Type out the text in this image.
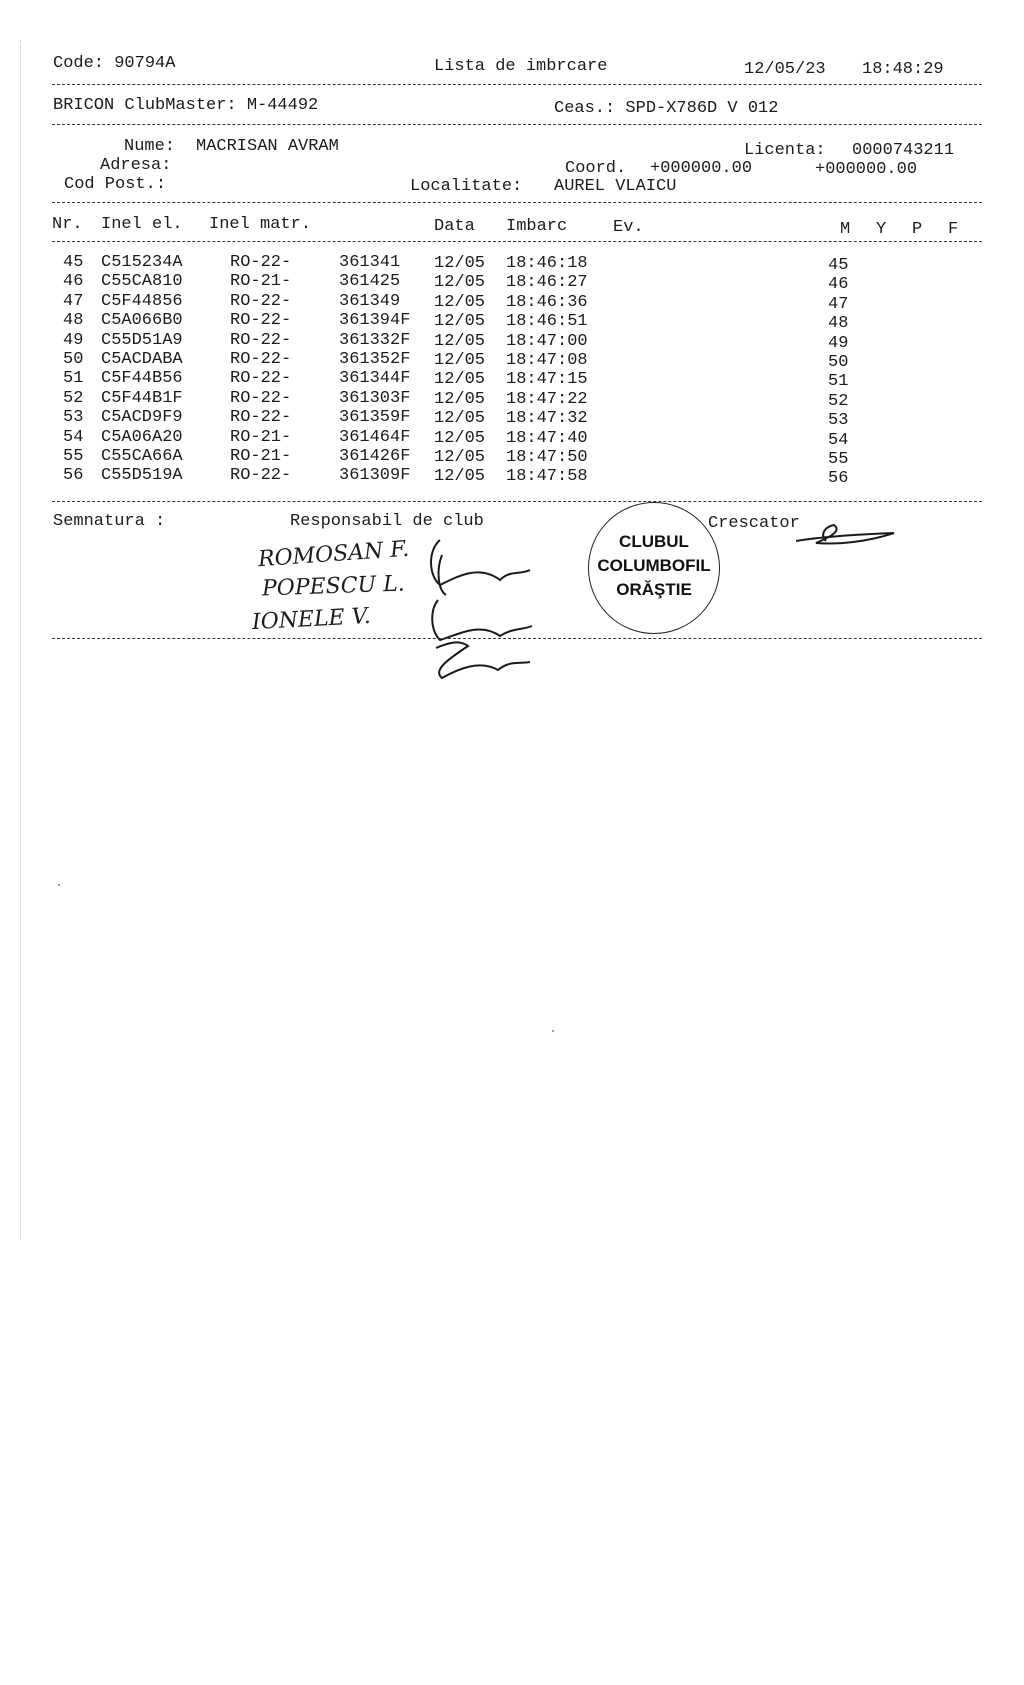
Code: 90794A	Lista de imbrcare	12/05/23 18:48:29
BRICON ClubMaster: M-44492	Ceas.: SPD-X786D V 012
Nume: MACRISAN AVRAM	Licenta: 0000743211
Adresa:	Coord. +000000.00	+000000.00
Cod Post.:	Localitate: AUREL VLAICU
Nr. Inel el. Inel matr.	Data Imbarc	Ev.	M Y P F
45 C515234A	RO-22-	361341 12/05 18:46:18	45
46 C55CA810	RO-21-	361425 12/05 18:46:27	46
47 C5F44856	RO-22-	361349 12/05 18:46:36	47
48 C5A066B0	RO-22-	361394F 12/05 18:46:51	48
49 C55D51A9	RO-22-	361332F 12/05 18:47:00	49
50 C5ACDABA	RO-22-	361352F 12/05 18:47:08	50
51 C5F44B56	RO-22-	361344F 12/05 18:47:15	51
52 C5F44B1F	RO-22-	361303F 12/05 18:47:22	52
53 C5ACD9F9	RO-22-	361359F 12/05 18:47:32	53
54 C5A06A20	RO-21-	361464F 12/05 18:47:40	54
55 C55CA66A	RO-21-	361426F 12/05 18:47:50	55
56 C55D519A	RO-22-	361309F 12/05 18:47:58	56
Semnatura :	Responsabil de club	Crescator
ROMOSAN F.
POPESCU L.
IONELE V.
CLUBUL
COLUMBOFIL
ORĂŞTIE
